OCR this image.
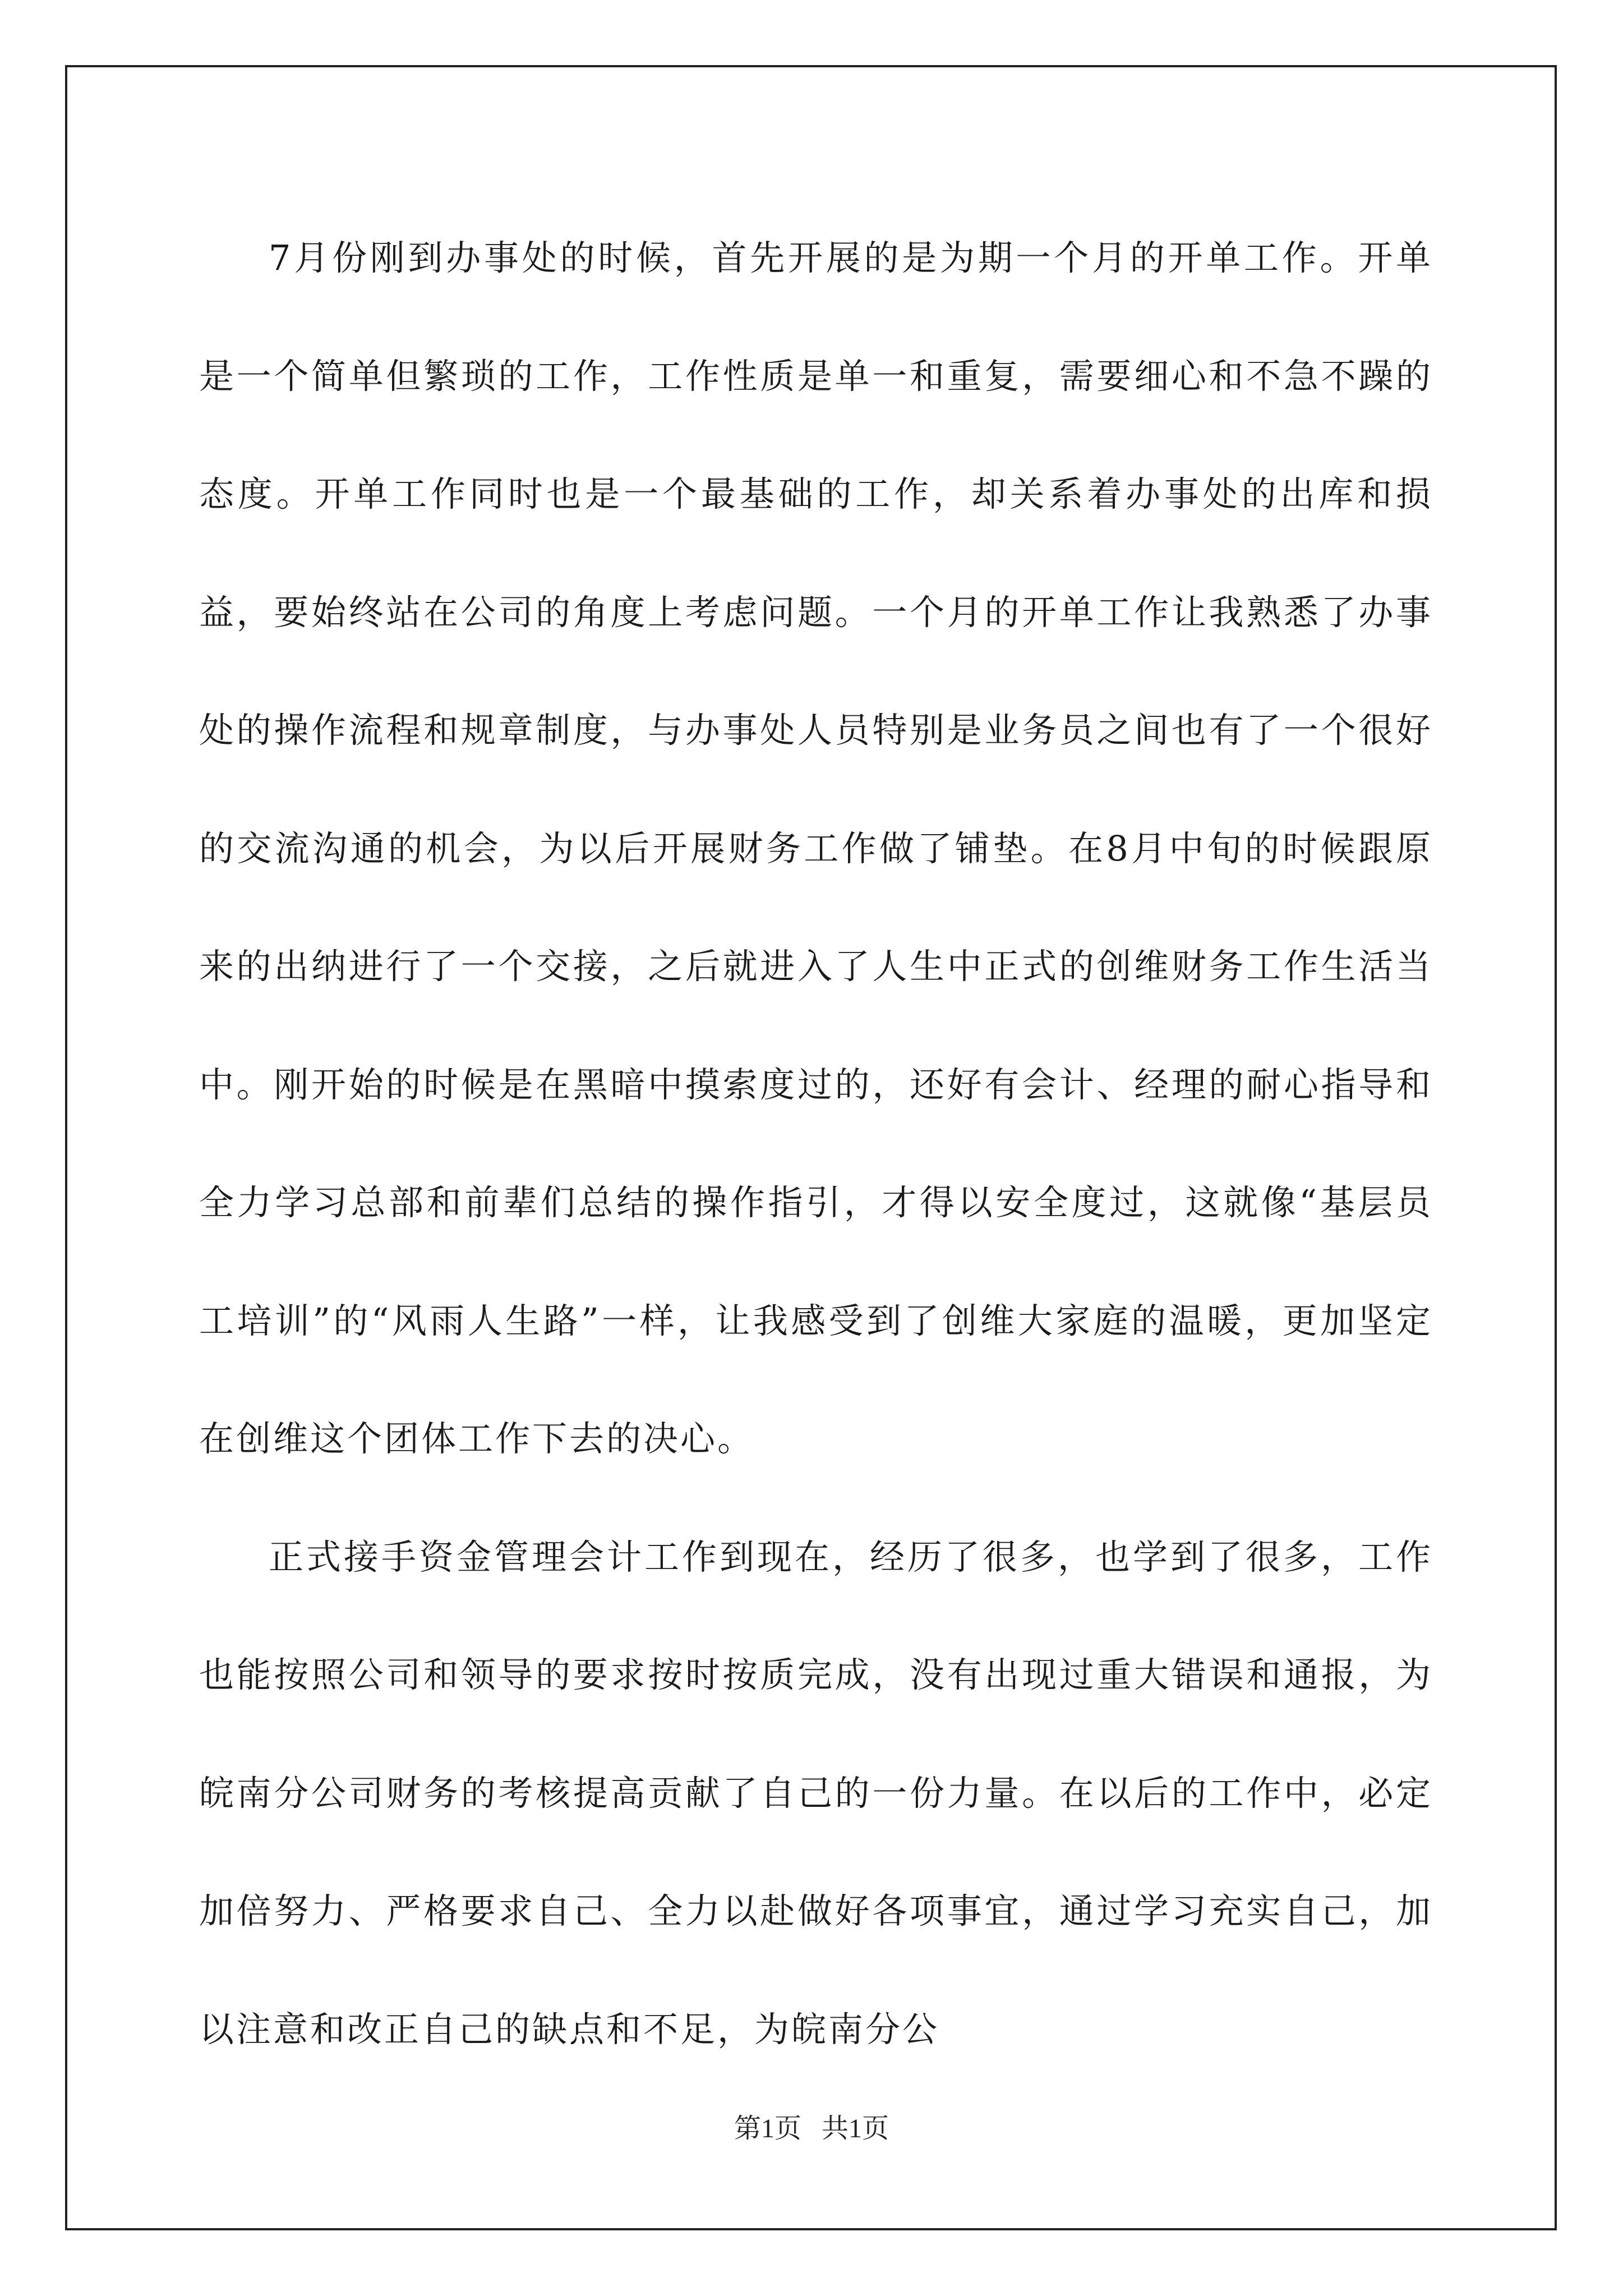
7月份刚到办事处的时候，首先开展的是为期一个月的开单工作。开单是一个简单但繁琐的工作，工作性质是单一和重复，需要细心和不急不躁的态度。开单工作同时也是一个最基础的工作，却关系着办事处的出库和损益，要始终站在公司的角度上考虑问题。一个月的开单工作让我熟悉了办事处的操作流程和规章制度，与办事处人员特别是业务员之间也有了一个很好的交流沟通的机会，为以后开展财务工作做了铺垫。在8月中旬的时候跟原来的出纳进行了一个交接，之后就进入了人生中正式的创维财务工作生活当中。刚开始的时候是在黑暗中摸索度过的，还好有会计、经理的耐心指导和全力学习总部和前辈们总结的操作指引，才得以安全度过，这就像“基层员工培训”的“风雨人生路”一样，让我感受到了创维大家庭的温暖，更加坚定在创维这个团体工作下去的决心。

正式接手资金管理会计工作到现在，经历了很多，也学到了很多，工作也能按照公司和领导的要求按时按质完成，没有出现过重大错误和通报，为皖南分公司财务的考核提高贡献了自己的一份力量。在以后的工作中，必定加倍努力、严格要求自己、全力以赴做好各项事宜，通过学习充实自己，加以注意和改正自己的缺点和不足，为皖南分公

第1页   共1页
